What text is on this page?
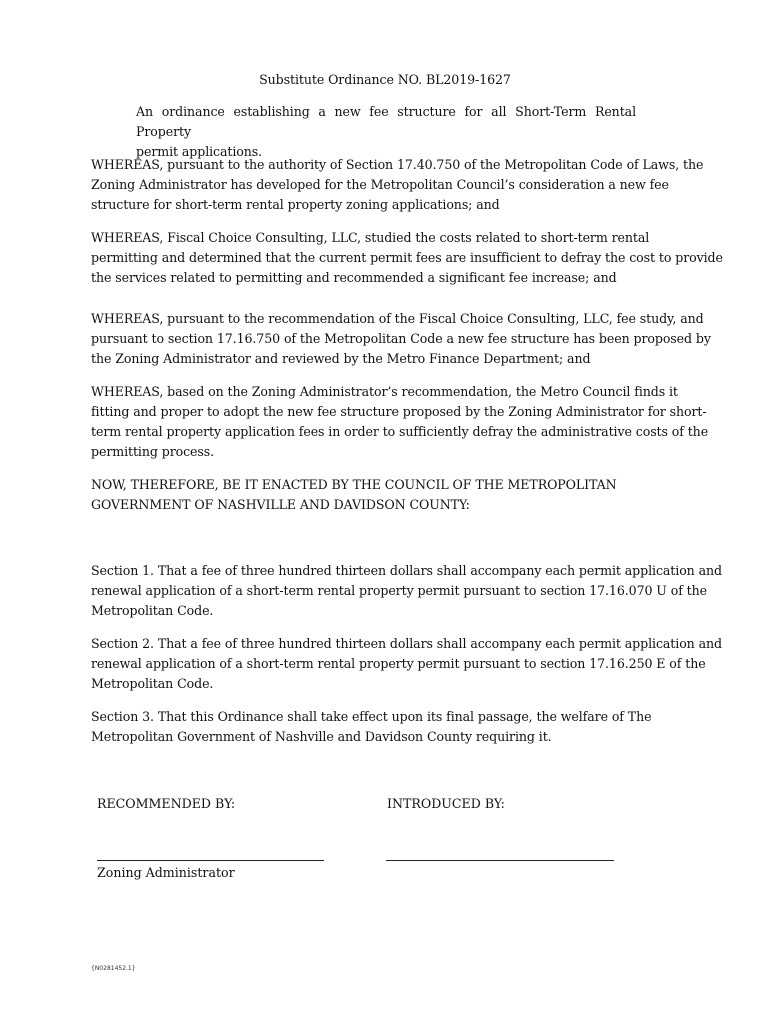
Substitute Ordinance NO. BL2019-1627
An ordinance establishing a new fee structure for all Short-Term Rental Property
permit applications.
WHEREAS, pursuant to the authority of Section 17.40.750 of the Metropolitan Code of Laws, the
Zoning Administrator has developed for the Metropolitan Council’s consideration a new fee
structure for short-term rental property zoning applications; and
WHEREAS, Fiscal Choice Consulting, LLC, studied the costs related to short-term rental
permitting and determined that the current permit fees are insufficient to defray the cost to provide
the services related to permitting and recommended a significant fee increase; and
WHEREAS, pursuant to the recommendation of the Fiscal Choice Consulting, LLC, fee study, and
pursuant to section 17.16.750 of the Metropolitan Code a new fee structure has been proposed by
the Zoning Administrator and reviewed by the Metro Finance Department; and
WHEREAS, based on the Zoning Administrator’s recommendation, the Metro Council finds it
fitting and proper to adopt the new fee structure proposed by the Zoning Administrator for short-
term rental property application fees in order to sufficiently defray the administrative costs of the
permitting process.
NOW, THEREFORE, BE IT ENACTED BY THE COUNCIL OF THE METROPOLITAN
GOVERNMENT OF NASHVILLE AND DAVIDSON COUNTY:
Section 1. That a fee of three hundred thirteen dollars shall accompany each permit application and
renewal application of a short-term rental property permit pursuant to section 17.16.070 U of the
Metropolitan Code.
Section 2. That a fee of three hundred thirteen dollars shall accompany each permit application and
renewal application of a short-term rental property permit pursuant to section 17.16.250 E of the
Metropolitan Code.
Section 3. That this Ordinance shall take effect upon its final passage, the welfare of The
Metropolitan Government of Nashville and Davidson County requiring it.
RECOMMENDED BY:	INTRODUCED BY:
Zoning Administrator
{N0281452.1}
